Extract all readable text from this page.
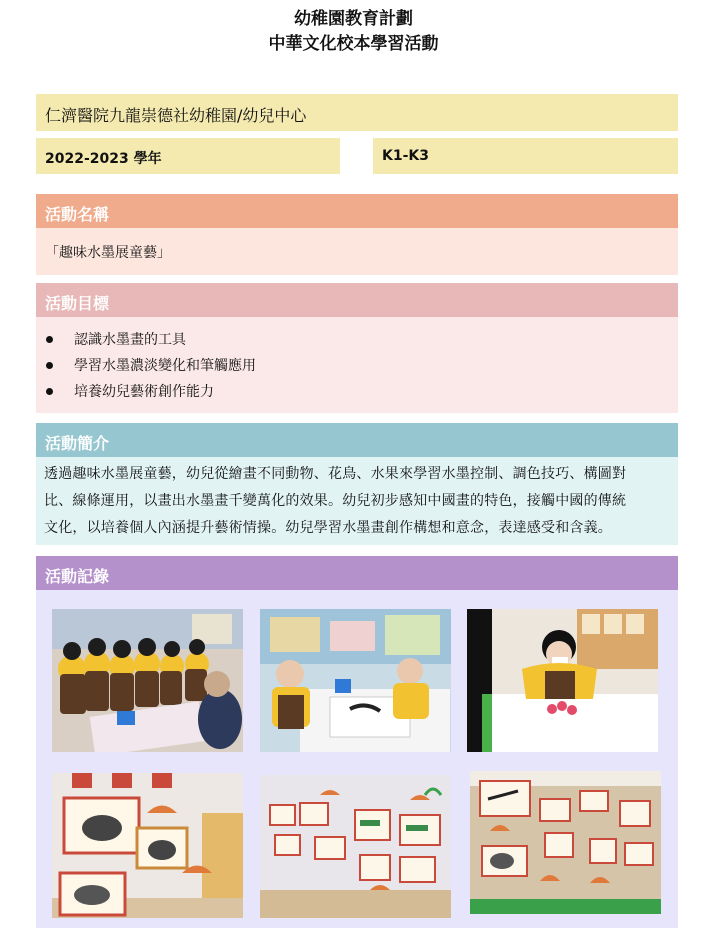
幼稚園教育計劃
中華文化校本學習活動
仁濟醫院九龍崇德社幼稚園/幼兒中心
2022-2023 學年	K1-K3
活動名稱
「趣味水墨展童藝」
活動目標
認識水墨畫的工具
學習水墨濃淡變化和筆觸應用
培養幼兒藝術創作能力
活動簡介
透過趣味水墨展童藝，幼兒從繪畫不同動物、花鳥、水果來學習水墨控制、調色技巧、構圖對
比、線條運用，以畫出水墨畫千變萬化的效果。幼兒初步感知中國畫的特色，接觸中國的傳統
文化，以培養個人內涵提升藝術情操。幼兒學習水墨畫創作構想和意念，表達感受和含義。
活動記錄
